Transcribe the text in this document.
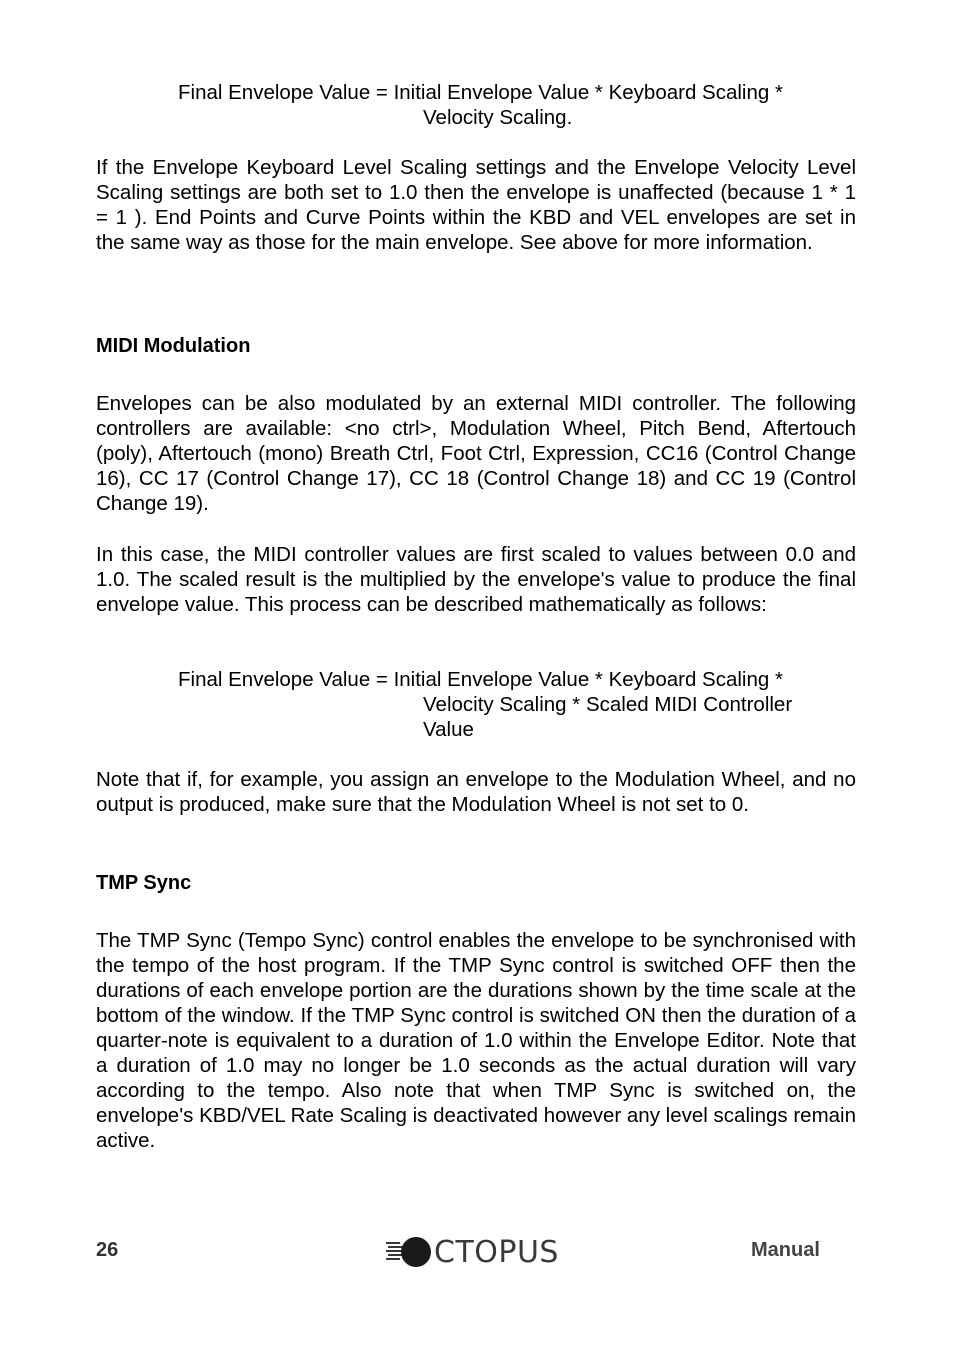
Final Envelope Value = Initial Envelope Value * Keyboard Scaling *
Velocity Scaling.

If the Envelope Keyboard Level Scaling settings and the Envelope Velocity Level Scaling settings are both set to 1.0 then the envelope is unaffected (because 1 * 1 = 1 ). End Points and Curve Points within the KBD and VEL envelopes are set in the same way as those for the main envelope. See above for more information.

MIDI Modulation

Envelopes can be also modulated by an external MIDI controller. The following controllers are available: <no ctrl>, Modulation Wheel, Pitch Bend, Aftertouch (poly), Aftertouch (mono) Breath Ctrl, Foot Ctrl, Expression, CC16 (Control Change 16), CC 17 (Control Change 17), CC 18 (Control Change 18) and CC 19 (Control Change 19).

In this case, the MIDI controller values are first scaled to values between 0.0 and 1.0. The scaled result is the multiplied by the envelope's value to produce the final envelope value. This process can be described mathematically as follows:

Final Envelope Value = Initial Envelope Value * Keyboard Scaling *
Velocity Scaling * Scaled MIDI Controller
Value

Note that if, for example, you assign an envelope to the Modulation Wheel, and no output is produced, make sure that the Modulation Wheel is not set to 0.

TMP Sync

The TMP Sync (Tempo Sync) control enables the envelope to be synchronised with the tempo of the host program. If the TMP Sync control is switched OFF then the durations of each envelope portion are the durations shown by the time scale at the bottom of the window. If the TMP Sync control is switched ON then the duration of a quarter-note is equivalent to a duration of 1.0 within the Envelope Editor. Note that a duration of 1.0 may no longer be 1.0 seconds as the actual duration will vary according to the tempo. Also note that when TMP Sync is switched on, the envelope's KBD/VEL Rate Scaling is deactivated however any level scalings remain active.

26	CTOPUS	Manual
